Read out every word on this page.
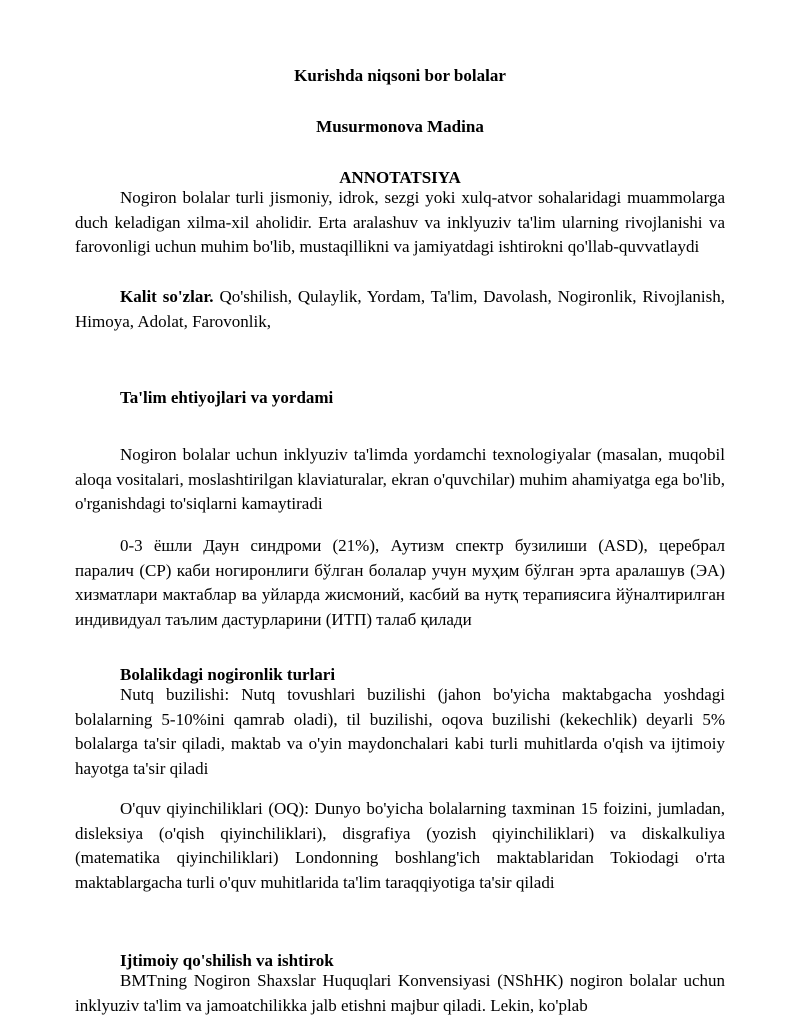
Kurishda niqsoni bor bolalar

Musurmonova Madina

ANNOTATSIYA

Nogiron bolalar turli jismoniy, idrok, sezgi yoki xulq-atvor sohalaridagi muammolarga duch keladigan xilma-xil aholidir. Erta aralashuv va inklyuziv ta'lim ularning rivojlanishi va farovonligi uchun muhim bo'lib, mustaqillikni va jamiyatdagi ishtirokni qo'llab-quvvatlaydi

Kalit so'zlar. Qo'shilish, Qulaylik, Yordam, Ta'lim, Davolash, Nogironlik, Rivojlanish, Himoya, Adolat, Farovonlik,

Ta'lim ehtiyojlari va yordami

Nogiron bolalar uchun inklyuziv ta'limda yordamchi texnologiyalar (masalan, muqobil aloqa vositalari, moslashtirilgan klaviaturalar, ekran o'quvchilar) muhim ahamiyatga ega bo'lib, o'rganishdagi to'siqlarni kamaytiradi

0-3 ёшли Даун синдроми (21%), Аутизм спектр бузилиши (ASD), церебрал паралич (CP) каби ногиронлиги бўлган болалар учун муҳим бўлган эрта аралашув (ЭА) хизматлари мактаблар ва уйларда жисмоний, касбий ва нутқ терапиясига йўналтирилган индивидуал таълим дастурларини (ИТП) талаб қилади

Bolalikdagi nogironlik turlari

Nutq buzilishi: Nutq tovushlari buzilishi (jahon bo'yicha maktabgacha yoshdagi bolalarning 5-10%ini qamrab oladi), til buzilishi, oqova buzilishi (kekechlik) deyarli 5% bolalarga ta'sir qiladi, maktab va o'yin maydonchalari kabi turli muhitlarda o'qish va ijtimoiy hayotga ta'sir qiladi

O'quv qiyinchiliklari (OQ): Dunyo bo'yicha bolalarning taxminan 15 foizini, jumladan, disleksiya (o'qish qiyinchiliklari), disgrafiya (yozish qiyinchiliklari) va diskalkuliya (matematika qiyinchiliklari) Londonning boshlang'ich maktablaridan Tokiodagi o'rta maktablargacha turli o'quv muhitlarida ta'lim taraqqiyotiga ta'sir qiladi

Ijtimoiy qo'shilish va ishtirok

BMTning Nogiron Shaxslar Huquqlari Konvensiyasi (NShHK) nogiron bolalar uchun inklyuziv ta'lim va jamoatchilikka jalb etishni majbur qiladi. Lekin, ko'plab
